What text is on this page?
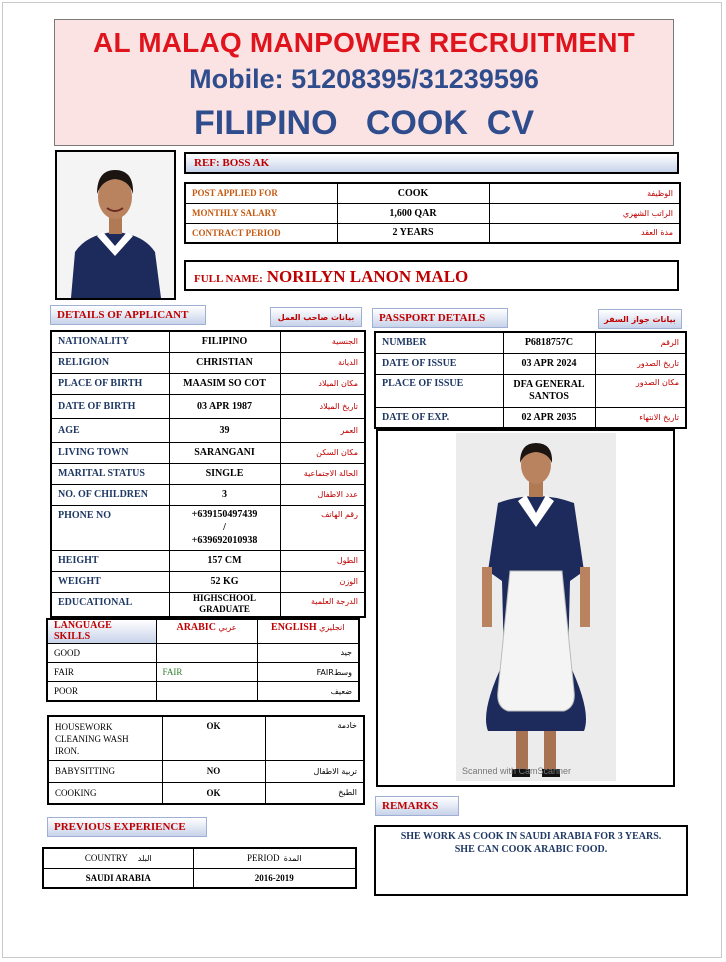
AL MALAQ MANPOWER RECRUITMENT
Mobile: 51208395/31239596
FILIPINO   COOK  CV
REF: BOSS AK
POST APPLIED FOR	COOK	الوظيفة
MONTHLY SALARY	1,600 QAR	الراتب الشهري
CONTRACT PERIOD	2 YEARS	مدة العقد
FULL NAME: NORILYN LANON MALO
DETAILS OF APPLICANT	بيانات صاحب العمل
NATIONALITY	FILIPINO	الجنسية
RELIGION	CHRISTIAN	الديانة
PLACE OF BIRTH	MAASIM SO COT	مكان الميلاد
DATE OF BIRTH	03 APR 1987	تاريخ الميلاد
AGE	39	العمر
LIVING TOWN	SARANGANI	مكان السكن
MARITAL STATUS	SINGLE	الحالة الاجتماعية
NO. OF CHILDREN	3	عدد الاطفال
PHONE NO	+639150497439
/
+639692010938	رقم الهاتف
HEIGHT	157 CM	الطول
WEIGHT	52 KG	الوزن
EDUCATIONAL	HIGHSCHOOL
GRADUATE	الدرجة العلمية
PASSPORT DETAILS	بيانات جواز السفر
NUMBER	P6818757C	الرقم
DATE OF ISSUE	03 APR 2024	تاريخ الصدور
PLACE OF ISSUE	DFA GENERAL
SANTOS	مكان الصدور
DATE OF EXP.	02 APR 2035	تاريخ الانتهاء
Scanned with CamScanner
LANGUAGE SKILLS	ARABIC عربي	ENGLISH انجليزي
GOOD		جيد
FAIR	FAIR	FAIRوسط
POOR		ضعيف
HOUSEWORK
CLEANING WASH
IRON.	OK	خادمة
BABYSITTING	NO	تربية الاطفال
COOKING	OK	الطبخ
REMARKS
SHE WORK AS COOK IN SAUDI ARABIA FOR 3 YEARS.
SHE CAN COOK ARABIC FOOD.
PREVIOUS EXPERIENCE
COUNTRY البلد	PERIOD المدة
SAUDI ARABIA	2016-2019
